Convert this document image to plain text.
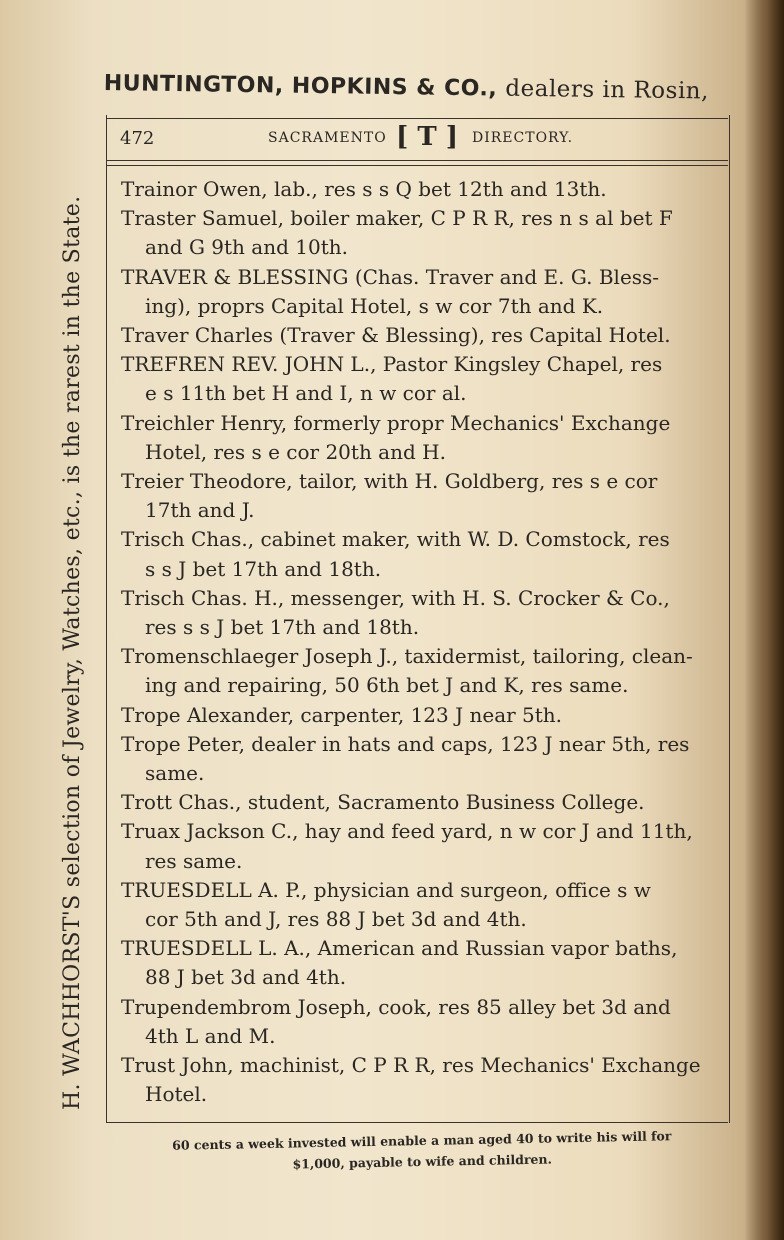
HUNTINGTON, HOPKINS & CO., dealers in Rosin,
H. WACHHORST'S selection of Jewelry, Watches, etc., is the rarest in the State.
472	SACRAMENTO [ T ] DIRECTORY.
Trainor Owen, lab., res s s Q bet 12th and 13th.
Traster Samuel, boiler maker, C P R R, res n s al bet F
and G 9th and 10th.
TRAVER & BLESSING (Chas. Traver and E. G. Bless-
ing), proprs Capital Hotel, s w cor 7th and K.
Traver Charles (Traver & Blessing), res Capital Hotel.
TREFREN REV. JOHN L., Pastor Kingsley Chapel, res
e s 11th bet H and I, n w cor al.
Treichler Henry, formerly propr Mechanics' Exchange
Hotel, res s e cor 20th and H.
Treier Theodore, tailor, with H. Goldberg, res s e cor
17th and J.
Trisch Chas., cabinet maker, with W. D. Comstock, res
s s J bet 17th and 18th.
Trisch Chas. H., messenger, with H. S. Crocker & Co.,
res s s J bet 17th and 18th.
Tromenschlaeger Joseph J., taxidermist, tailoring, clean-
ing and repairing, 50 6th bet J and K, res same.
Trope Alexander, carpenter, 123 J near 5th.
Trope Peter, dealer in hats and caps, 123 J near 5th, res
same.
Trott Chas., student, Sacramento Business College.
Truax Jackson C., hay and feed yard, n w cor J and 11th,
res same.
TRUESDELL A. P., physician and surgeon, office s w
cor 5th and J, res 88 J bet 3d and 4th.
TRUESDELL L. A., American and Russian vapor baths,
88 J bet 3d and 4th.
Trupendembrom Joseph, cook, res 85 alley bet 3d and
4th L and M.
Trust John, machinist, C P R R, res Mechanics' Exchange
Hotel.
60 cents a week invested will enable a man aged 40 to write his will for
$1,000, payable to wife and children.
